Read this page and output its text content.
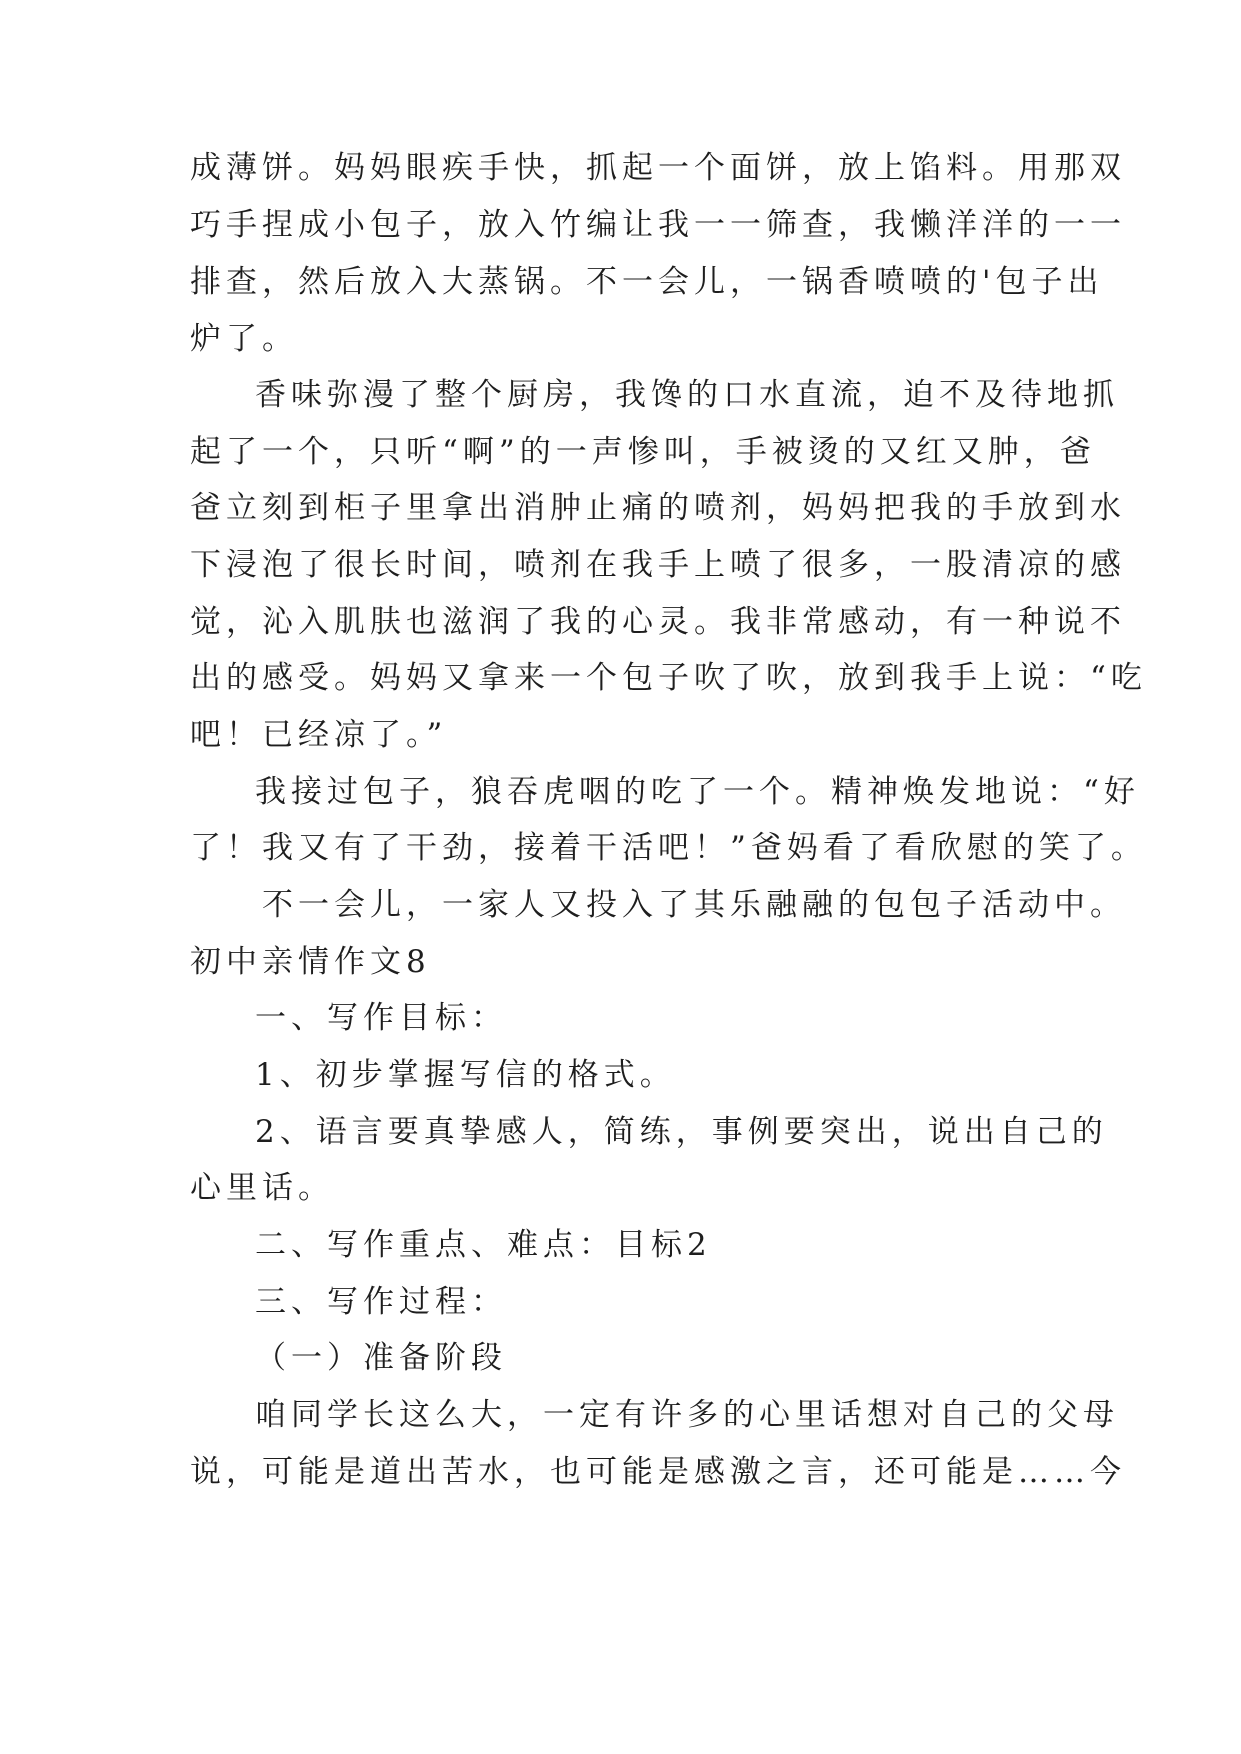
成薄饼。妈妈眼疾手快，抓起一个面饼，放上馅料。用那双
巧手捏成小包子，放入竹编让我一一筛查，我懒洋洋的一一
排查，然后放入大蒸锅。不一会儿，一锅香喷喷的'包子出
炉了。
香味弥漫了整个厨房，我馋的口水直流，迫不及待地抓
起了一个，只听“啊”的一声惨叫，手被烫的又红又肿，爸
爸立刻到柜子里拿出消肿止痛的喷剂，妈妈把我的手放到水
下浸泡了很长时间，喷剂在我手上喷了很多，一股清凉的感
觉，沁入肌肤也滋润了我的心灵。我非常感动，有一种说不
出的感受。妈妈又拿来一个包子吹了吹，放到我手上说：“吃
吧！已经凉了。”
我接过包子，狼吞虎咽的吃了一个。精神焕发地说：“好
了！我又有了干劲，接着干活吧！”爸妈看了看欣慰的笑了。
不一会儿，一家人又投入了其乐融融的包包子活动中。
初中亲情作文8
一、写作目标：
1、初步掌握写信的格式。
2、语言要真挚感人，简练，事例要突出，说出自己的
心里话。
二、写作重点、难点：目标2
三、写作过程：
（一）准备阶段
咱同学长这么大，一定有许多的心里话想对自己的父母
说，可能是道出苦水，也可能是感激之言，还可能是……今
